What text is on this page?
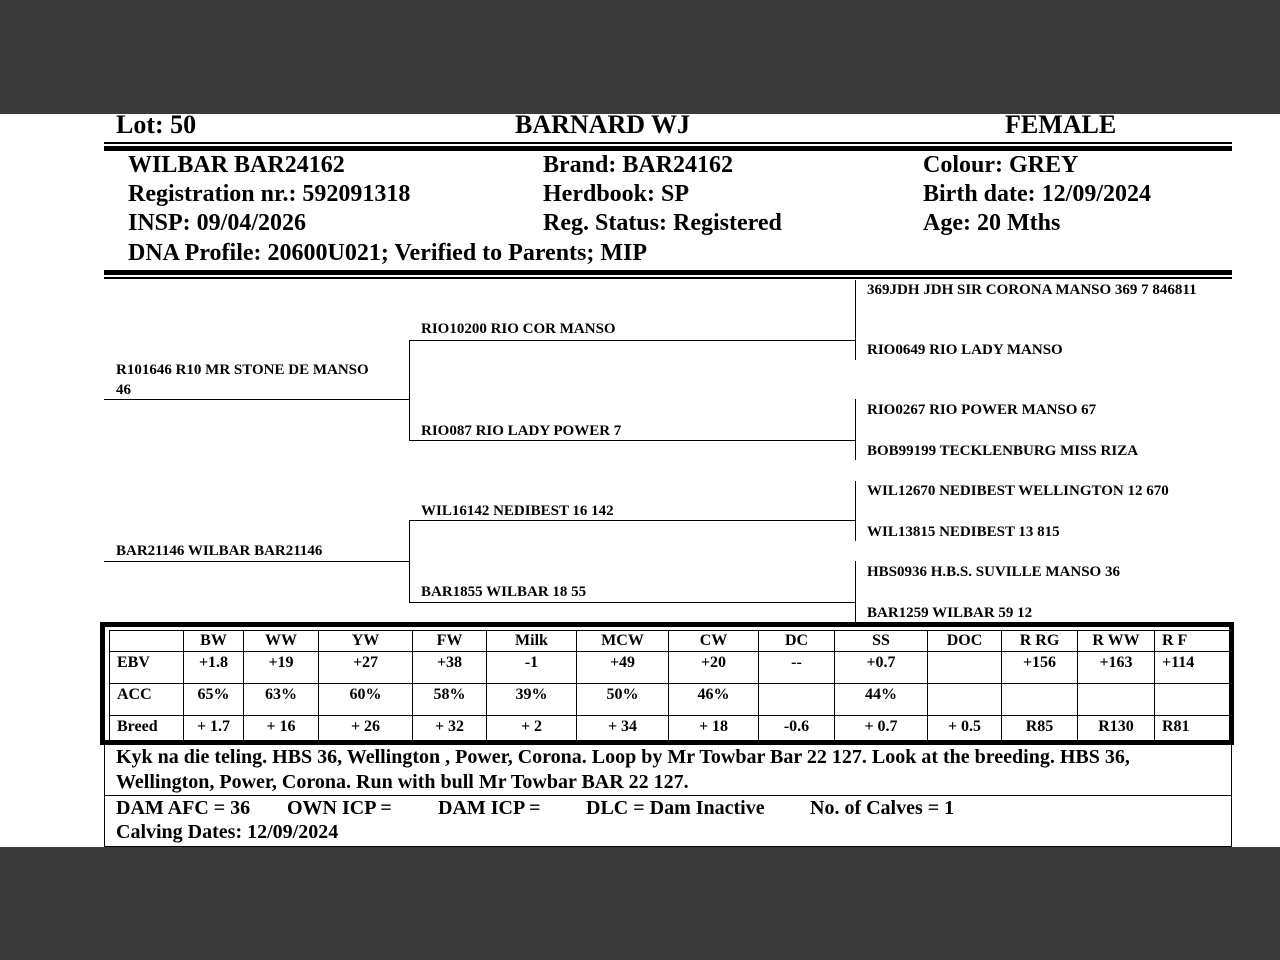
Lot: 50	BARNARD WJ	FEMALE
WILBAR BAR24162
Registration nr.: 592091318
INSP: 09/04/2026
DNA Profile: 20600U021; Verified to Parents; MIP
Brand: BAR24162
Herdbook: SP
Reg. Status: Registered
Colour: GREY
Birth date: 12/09/2024
Age: 20 Mths
R101646 R10 MR STONE DE MANSO 46
BAR21146 WILBAR BAR21146
RIO10200 RIO COR MANSO
RIO087 RIO LADY POWER 7
WIL16142 NEDIBEST 16 142
BAR1855 WILBAR 18 55
369JDH JDH SIR CORONA MANSO 369 7 846811
RIO0649 RIO LADY MANSO
RIO0267 RIO POWER MANSO 67
BOB99199 TECKLENBURG MISS RIZA
WIL12670 NEDIBEST WELLINGTON 12 670
WIL13815 NEDIBEST 13 815
HBS0936 H.B.S. SUVILLE MANSO 36
BAR1259 WILBAR 59 12
	BW	WW	YW	FW	Milk	MCW	CW	DC	SS	DOC	R RG	R WW	R F
EBV	+1.8	+19	+27	+38	-1	+49	+20	--	+0.7		+156	+163	+114
ACC	65%	63%	60%	58%	39%	50%	46%		44%				
Breed	+ 1.7	+ 16	+ 26	+ 32	+ 2	+ 34	+ 18	-0.6	+ 0.7	+ 0.5	R85	R130	R81
Kyk na die teling. HBS 36, Wellington , Power, Corona. Loop by Mr Towbar Bar 22 127. Look at the breeding. HBS 36,
Wellington, Power, Corona. Run with bull Mr Towbar BAR 22 127.
DAM AFC = 36 OWN ICP = DAM ICP = DLC = Dam Inactive No. of Calves = 1
Calving Dates: 12/09/2024
